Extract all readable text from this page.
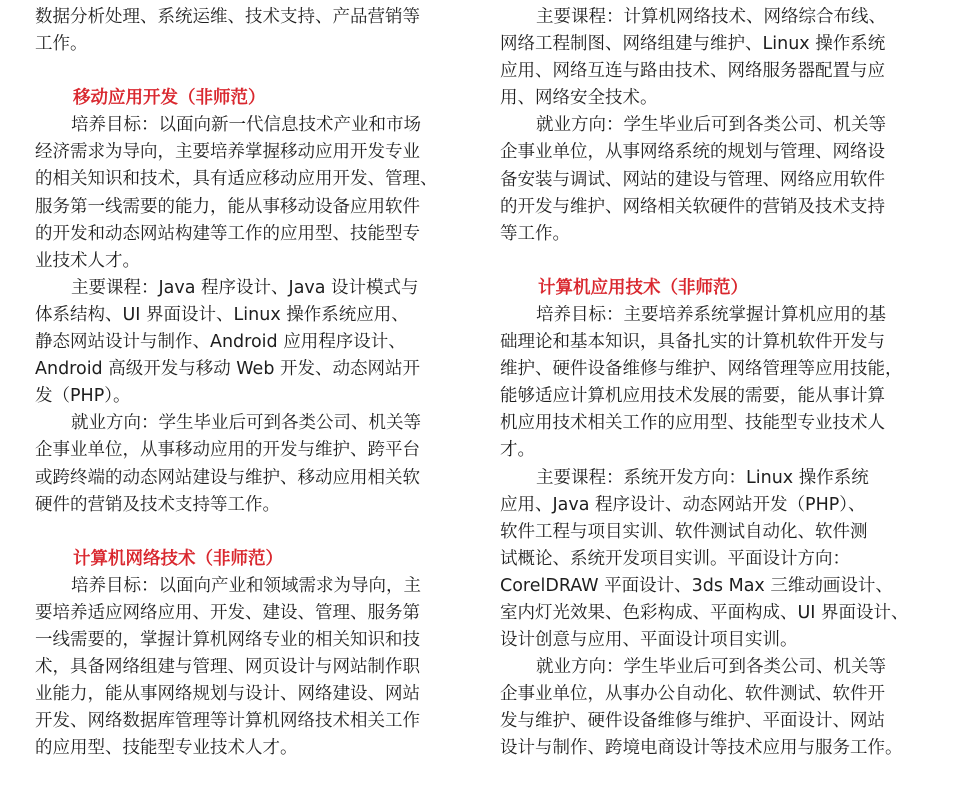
数据分析处理、系统运维、技术支持、产品营销等
工作。
移动应用开发（非师范）
培养目标：以面向新一代信息技术产业和市场
经济需求为导向，主要培养掌握移动应用开发专业
的相关知识和技术，具有适应移动应用开发、管理、
服务第一线需要的能力，能从事移动设备应用软件
的开发和动态网站构建等工作的应用型、技能型专
业技术人才。
主要课程：Java 程序设计、Java 设计模式与
体系结构、UI 界面设计、Linux 操作系统应用、
静态网站设计与制作、Android 应用程序设计、
Android 高级开发与移动 Web 开发、动态网站开
发（PHP）。
就业方向：学生毕业后可到各类公司、机关等
企事业单位，从事移动应用的开发与维护、跨平台
或跨终端的动态网站建设与维护、移动应用相关软
硬件的营销及技术支持等工作。
计算机网络技术（非师范）
培养目标：以面向产业和领域需求为导向，主
要培养适应网络应用、开发、建设、管理、服务第
一线需要的，掌握计算机网络专业的相关知识和技
术，具备网络组建与管理、网页设计与网站制作职
业能力，能从事网络规划与设计、网络建设、网站
开发、网络数据库管理等计算机网络技术相关工作
的应用型、技能型专业技术人才。
主要课程：计算机网络技术、网络综合布线、
网络工程制图、网络组建与维护、Linux 操作系统
应用、网络互连与路由技术、网络服务器配置与应
用、网络安全技术。
就业方向：学生毕业后可到各类公司、机关等
企事业单位，从事网络系统的规划与管理、网络设
备安装与调试、网站的建设与管理、网络应用软件
的开发与维护、网络相关软硬件的营销及技术支持
等工作。
计算机应用技术（非师范）
培养目标：主要培养系统掌握计算机应用的基
础理论和基本知识，具备扎实的计算机软件开发与
维护、硬件设备维修与维护、网络管理等应用技能，
能够适应计算机应用技术发展的需要，能从事计算
机应用技术相关工作的应用型、技能型专业技术人
才。
主要课程：系统开发方向：Linux 操作系统
应用、Java 程序设计、动态网站开发（PHP）、
软件工程与项目实训、软件测试自动化、软件测
试概论、系统开发项目实训。平面设计方向：
CorelDRAW 平面设计、3ds Max 三维动画设计、
室内灯光效果、色彩构成、平面构成、UI 界面设计、
设计创意与应用、平面设计项目实训。
就业方向：学生毕业后可到各类公司、机关等
企事业单位，从事办公自动化、软件测试、软件开
发与维护、硬件设备维修与维护、平面设计、网站
设计与制作、跨境电商设计等技术应用与服务工作。
